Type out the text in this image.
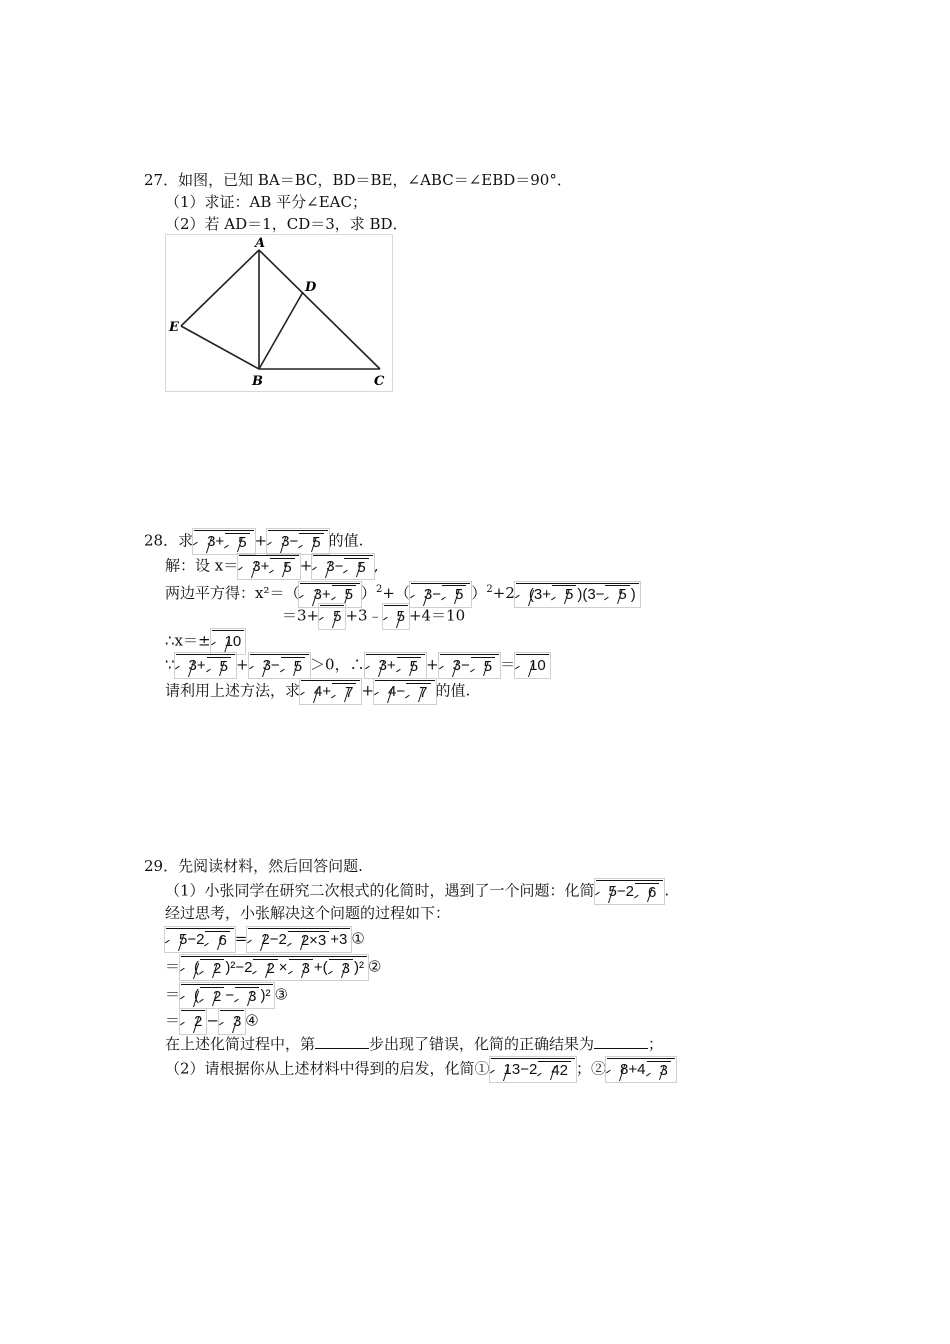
27．如图，已知 BA＝BC，BD＝BE，∠ABC＝∠EBD＝90°．
（1）求证：AB 平分∠EAC；
（2）若 AD＝1，CD＝3，求 BD．
A
D
E
B	C
28．求 3+ 5 + 3− 5 的值.
解：设 x＝ 3+ 5 + 3− 5 ,
两边平方得：x²＝（ 3+ 5 ）$^2$+（ 3− 5 ）$^2$+2 (3+ 5 )(3− 5 )
＝3+ 5 +3﹣ 5 +4＝10
∴x＝± 10
∵ 3+ 5 + 3− 5 ＞0，∴ 3+ 5 + 3− 5 ＝ 10
请利用上述方法，求 4+ 7 + 4− 7 的值.
29．先阅读材料，然后回答问题.
（1）小张同学在研究二次根式的化简时，遇到了一个问题：化简 5−2 6 .
经过思考，小张解决这个问题的过程如下：
5−2 6 = 2−2 2×3 +3 ①
＝ ( 2 )²−2 2 × 3 +( 3 )² ②
＝ ( 2 − 3 )² ③
＝ 2 − 3 ④
在上述化简过程中，第	步出现了错误，化简的正确结果为	；
（2）请根据你从上述材料中得到的启发，化简① 13−2 42 ；② 8+4 3
